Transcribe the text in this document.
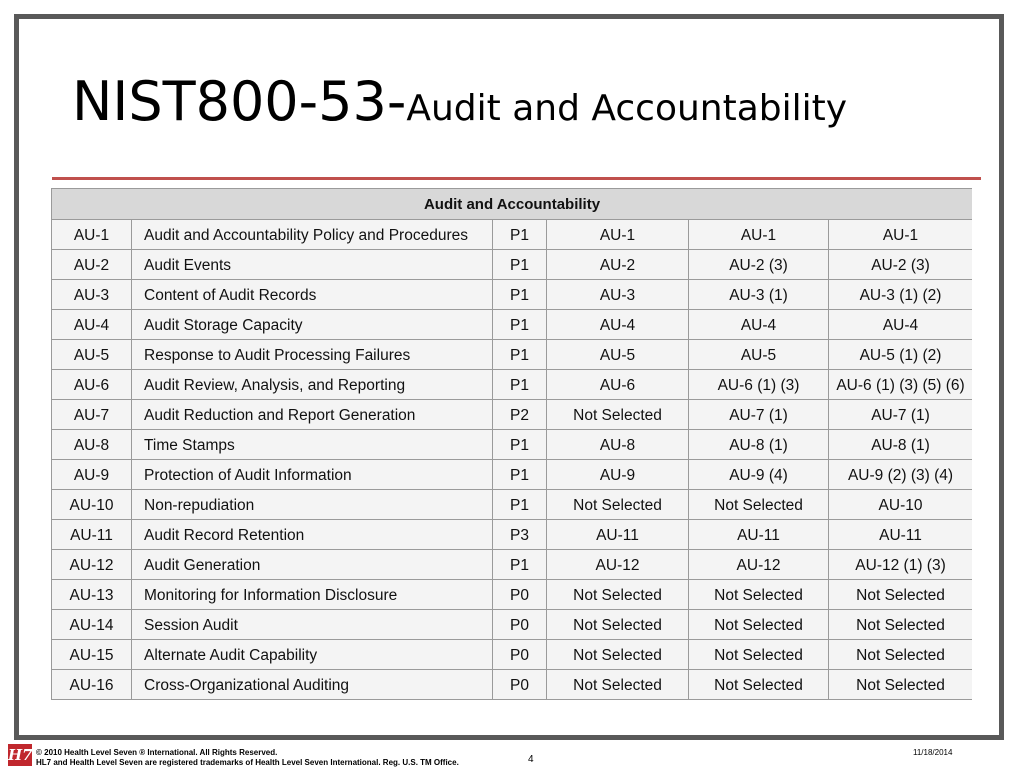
NIST800-53-Audit and Accountability
Audit and Accountability					
AU-1	Audit and Accountability Policy and Procedures	P1	AU-1	AU-1	AU-1
AU-2	Audit Events	P1	AU-2	AU-2 (3)	AU-2 (3)
AU-3	Content of Audit Records	P1	AU-3	AU-3 (1)	AU-3 (1) (2)
AU-4	Audit Storage Capacity	P1	AU-4	AU-4	AU-4
AU-5	Response to Audit Processing Failures	P1	AU-5	AU-5	AU-5 (1) (2)
AU-6	Audit Review, Analysis, and Reporting	P1	AU-6	AU-6 (1) (3)	AU-6 (1) (3) (5) (6)
AU-7	Audit Reduction and Report Generation	P2	Not Selected	AU-7 (1)	AU-7 (1)
AU-8	Time Stamps	P1	AU-8	AU-8 (1)	AU-8 (1)
AU-9	Protection of Audit Information	P1	AU-9	AU-9 (4)	AU-9 (2) (3) (4)
AU-10	Non-repudiation	P1	Not Selected	Not Selected	AU-10
AU-11	Audit Record Retention	P3	AU-11	AU-11	AU-11
AU-12	Audit Generation	P1	AU-12	AU-12	AU-12 (1) (3)
AU-13	Monitoring for Information Disclosure	P0	Not Selected	Not Selected	Not Selected
AU-14	Session Audit	P0	Not Selected	Not Selected	Not Selected
AU-15	Alternate Audit Capability	P0	Not Selected	Not Selected	Not Selected
AU-16	Cross-Organizational Auditing	P0	Not Selected	Not Selected	Not Selected
H7 © 2010 Health Level Seven ® International. All Rights Reserved.
HL7 and Health Level Seven are registered trademarks of Health Level Seven International. Reg. U.S. TM Office.	4
11/18/2014
